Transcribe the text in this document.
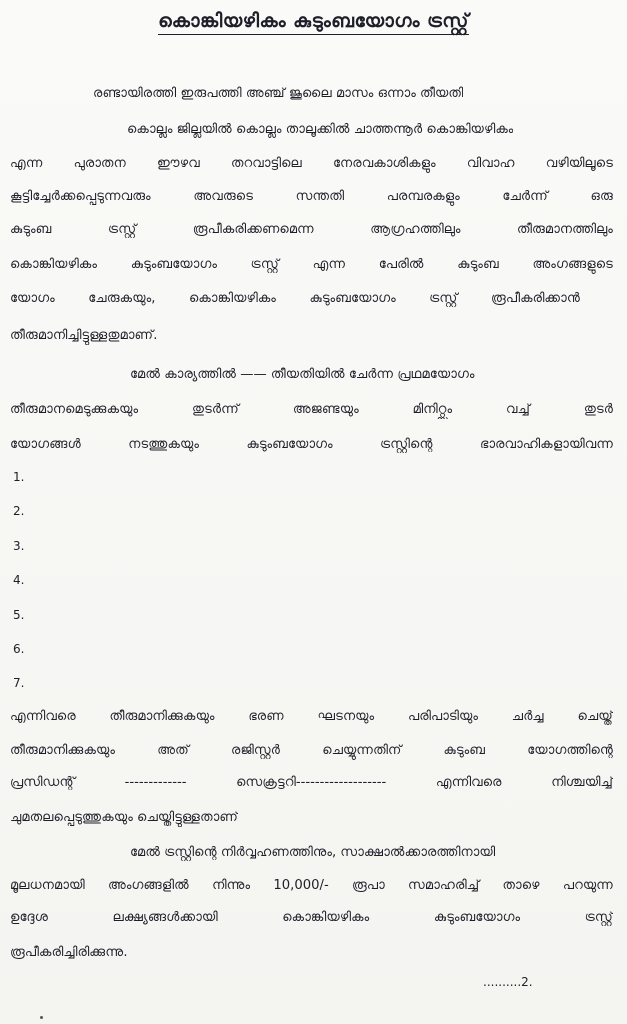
കൊങ്കിയഴികം കുടുംബയോഗം ട്രസ്റ്റ്
രണ്ടായിരത്തി ഇരുപത്തി അഞ്ച് ജൂലൈ മാസം ഒന്നാം തീയതി
കൊല്ലം ജില്ലയിൽ കൊല്ലം താലൂക്കിൽ ചാത്തന്നൂർ കൊങ്കിയഴികം
എന്ന പുരാതന ഈഴവ തറവാട്ടിലെ നേരവകാശികളും വിവാഹ വഴിയിലൂടെ
കൂട്ടിച്ചേർക്കപ്പെടുന്നവരും	അവരുടെ	സന്തതി	പരമ്പരകളും	ചേർന്ന്	ഒരു
കുടുംബ	ട്രസ്റ്റ്	രൂപീകരിക്കണമെന്ന	ആഗ്രഹത്തിലും	തീരുമാനത്തിലും
കൊങ്കിയഴികം	കുടുംബയോഗം	ട്രസ്റ്റ്	എന്ന	പേരിൽ	കുടുംബ	അംഗങ്ങളുടെ
യോഗം	ചേരുകയും,	കൊങ്കിയഴികം	കുടുംബയോഗം	ട്രസ്റ്റ്	രൂപീകരിക്കാൻ
തീരുമാനിച്ചിട്ടുള്ളതുമാണ്.
മേൽ കാര്യത്തിൽ —— തീയതിയിൽ ചേർന്ന പ്രഥമയോഗം
തീരുമാനമെടുക്കുകയും	തുടർന്ന്	അജണ്ടയും	മിനിറ്റ്സും	വച്ച്	തുടർ
യോഗങ്ങൾ	നടത്തുകയും	കുടുംബയോഗം	ട്രസ്റ്റിന്റെ	ഭാരവാഹികളായിവന്ന
1.
2.
3.
4.
5.
6.
7.
എന്നിവരെ	തീരുമാനിക്കുകയും	ഭരണ	ഘടനയും	പരിപാടിയും	ചർച്ച	ചെയ്ത്
തീരുമാനിക്കുകയും	അത്	രജിസ്റ്റർ	ചെയ്യുന്നതിന്	കുടുംബ	യോഗത്തിന്റെ
പ്രസിഡന്റ്	-------------	സെക്രട്ടറി-------------------	എന്നിവരെ	നിശ്ചയിച്ച്
ചുമതലപ്പെടുത്തുകയും ചെയ്തിട്ടുള്ളതാണ്
മേൽ ട്രസ്റ്റിന്റെ നിർവ്വഹണത്തിനും, സാക്ഷാൽക്കാരത്തിനായി
മൂലധനമായി അംഗങ്ങളിൽ നിന്നും 10,000/- രൂപാ സമാഹരിച്ച് താഴെ പറയുന്ന
ഉദ്ദേശ	ലക്ഷ്യങ്ങൾക്കായി	കൊങ്കിയഴികം	കുടുംബയോഗം	ട്രസ്റ്റ്
രൂപീകരിച്ചിരിക്കുന്നു.
..........2.
